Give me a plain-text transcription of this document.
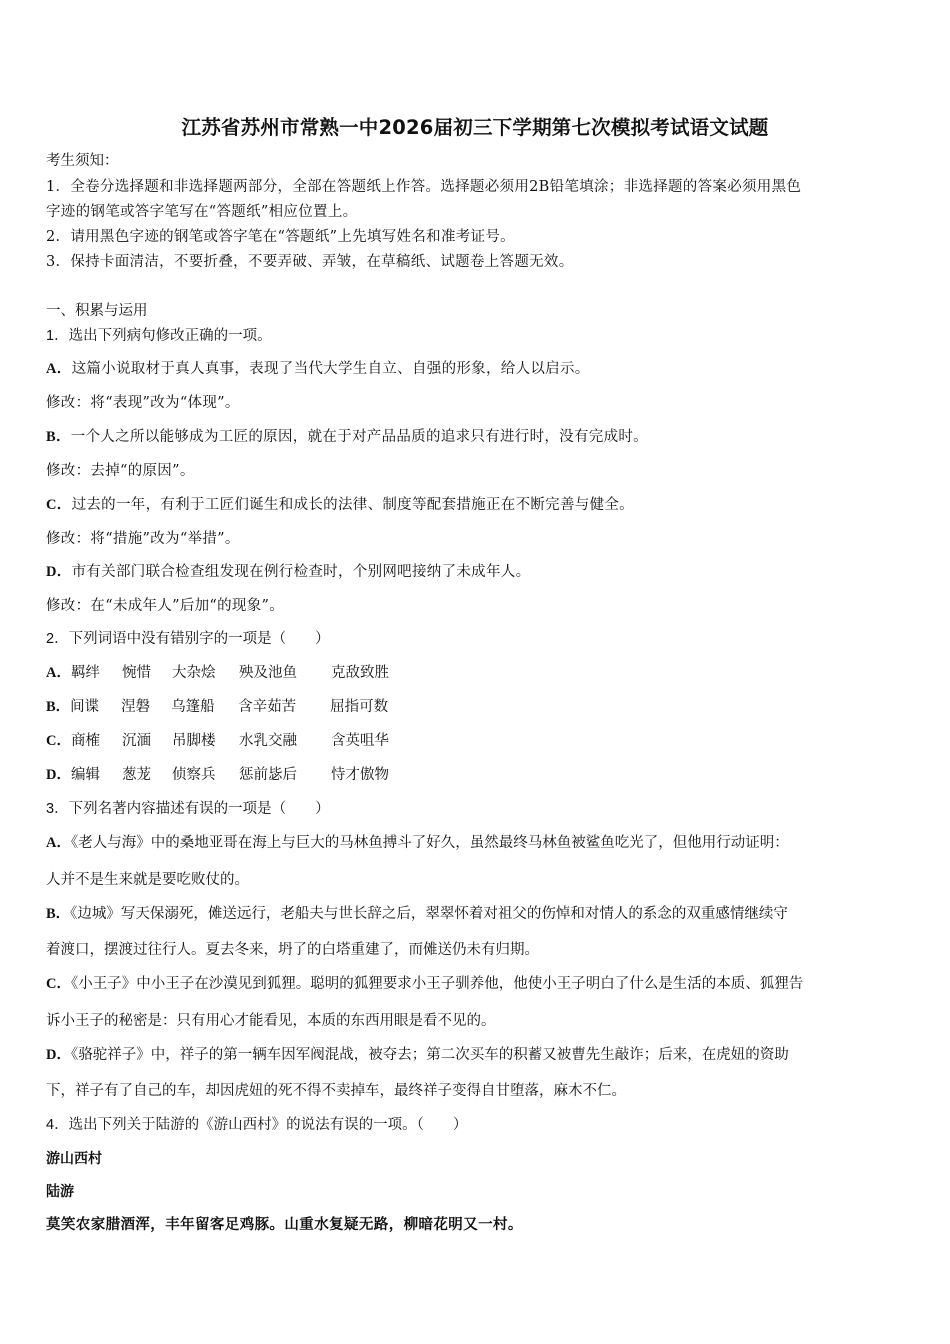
江苏省苏州市常熟一中2026届初三下学期第七次模拟考试语文试题
考生须知：
1．全卷分选择题和非选择题两部分，全部在答题纸上作答。选择题必须用2B铅笔填涂；非选择题的答案必须用黑色
字迹的钢笔或答字笔写在“答题纸”相应位置上。
2．请用黑色字迹的钢笔或答字笔在“答题纸”上先填写姓名和准考证号。
3．保持卡面清洁，不要折叠，不要弄破、弄皱，在草稿纸、试题卷上答题无效。
一、积累与运用
1．选出下列病句修改正确的一项。
A．这篇小说取材于真人真事，表现了当代大学生自立、自强的形象，给人以启示。
修改：将“表现”改为“体现”。
B．一个人之所以能够成为工匠的原因，就在于对产品品质的追求只有进行时，没有完成时。
修改：去掉“的原因”。
C．过去的一年，有利于工匠们诞生和成长的法律、制度等配套措施正在不断完善与健全。
修改：将“措施”改为“举措”。
D．市有关部门联合检查组发现在例行检查时，个别网吧接纳了未成年人。
修改：在“未成年人”后加“的现象”。
2．下列词语中没有错别字的一项是（　　）
A．羁绊 惋惜 大杂烩 殃及池鱼 克敌致胜
B．间谍 涅磐 乌篷船 含辛茹苦 屈指可数
C．商榷 沉湎 吊脚楼 水乳交融 含英咀华
D．编辑 葱茏 侦察兵 惩前毖后 恃才傲物
3．下列名著内容描述有误的一项是（　　）
A．《老人与海》中的桑地亚哥在海上与巨大的马林鱼搏斗了好久，虽然最终马林鱼被鲨鱼吃光了，但他用行动证明：
人并不是生来就是要吃败仗的。
B．《边城》写天保溺死，傩送远行，老船夫与世长辞之后，翠翠怀着对祖父的伤悼和对情人的系念的双重感情继续守
着渡口，摆渡过往行人。夏去冬来，坍了的白塔重建了，而傩送仍未有归期。
C．《小王子》中小王子在沙漠见到狐狸。聪明的狐狸要求小王子驯养他，他使小王子明白了什么是生活的本质、狐狸告
诉小王子的秘密是：只有用心才能看见，本质的东西用眼是看不见的。
D．《骆驼祥子》中，祥子的第一辆车因军阀混战，被夺去；第二次买车的积蓄又被曹先生敲诈；后来，在虎妞的资助
下，祥子有了自己的车，却因虎妞的死不得不卖掉车，最终祥子变得自甘堕落，麻木不仁。
4．选出下列关于陆游的《游山西村》的说法有误的一项。（　　）
游山西村
陆游
莫笑农家腊酒浑，丰年留客足鸡豚。山重水复疑无路，柳暗花明又一村。
